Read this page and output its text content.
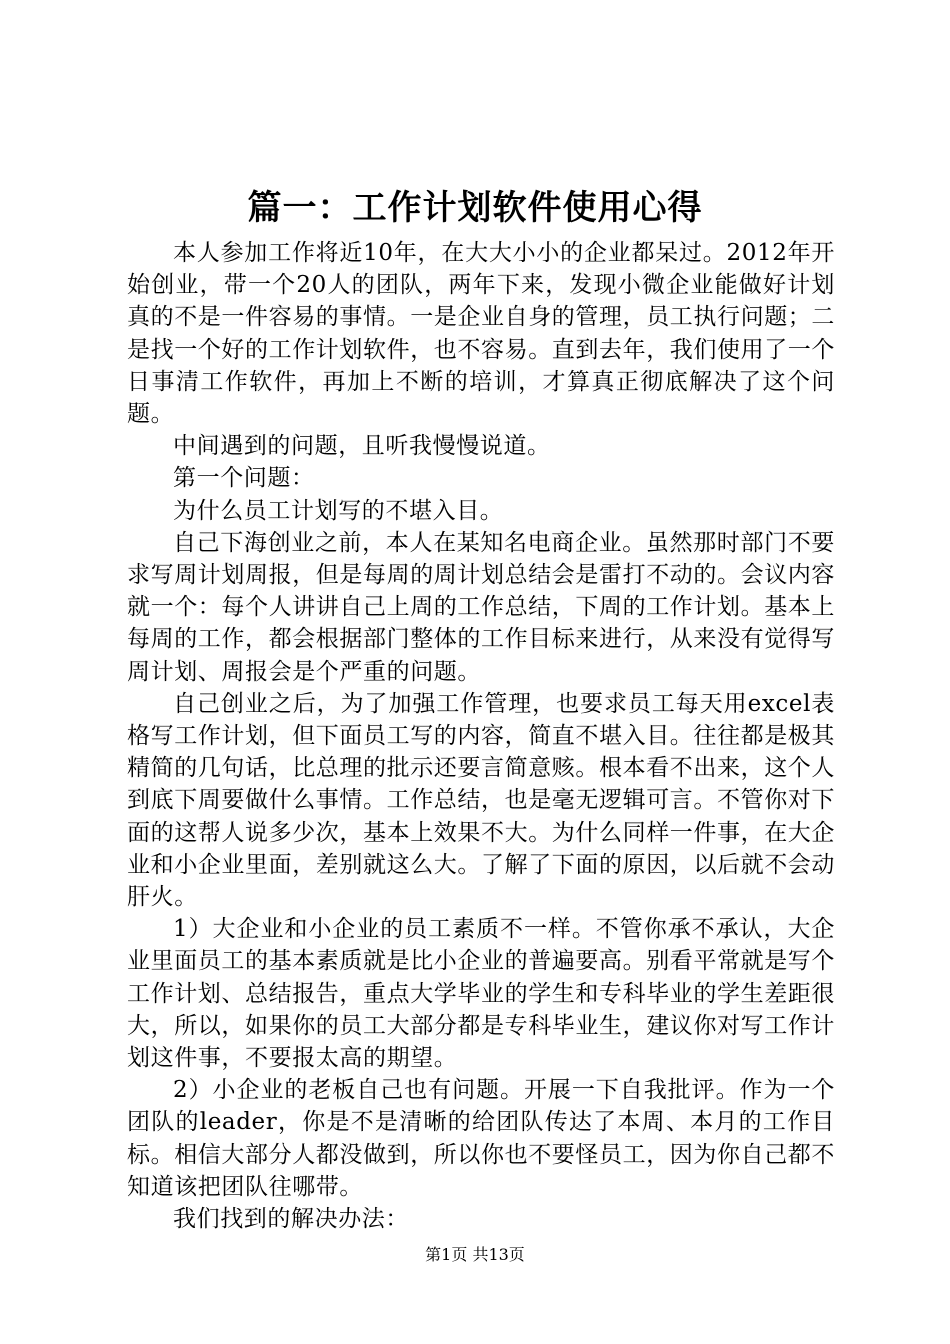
篇一：工作计划软件使用心得

本人参加工作将近10年，在大大小小的企业都呆过。2012年开始创业，带一个20人的团队，两年下来，发现小微企业能做好计划真的不是一件容易的事情。一是企业自身的管理，员工执行问题；二是找一个好的工作计划软件，也不容易。直到去年，我们使用了一个日事清工作软件，再加上不断的培训，才算真正彻底解决了这个问题。

中间遇到的问题，且听我慢慢说道。

第一个问题：

为什么员工计划写的不堪入目。

自己下海创业之前，本人在某知名电商企业。虽然那时部门不要求写周计划周报，但是每周的周计划总结会是雷打不动的。会议内容就一个：每个人讲讲自己上周的工作总结，下周的工作计划。基本上每周的工作，都会根据部门整体的工作目标来进行，从来没有觉得写周计划、周报会是个严重的问题。

自己创业之后，为了加强工作管理，也要求员工每天用excel表格写工作计划，但下面员工写的内容，简直不堪入目。往往都是极其精简的几句话，比总理的批示还要言简意赅。根本看不出来，这个人到底下周要做什么事情。工作总结，也是毫无逻辑可言。不管你对下面的这帮人说多少次，基本上效果不大。为什么同样一件事，在大企业和小企业里面，差别就这么大。了解了下面的原因，以后就不会动肝火。

1）大企业和小企业的员工素质不一样。不管你承不承认，大企业里面员工的基本素质就是比小企业的普遍要高。别看平常就是写个工作计划、总结报告，重点大学毕业的学生和专科毕业的学生差距很大，所以，如果你的员工大部分都是专科毕业生，建议你对写工作计划这件事，不要报太高的期望。

2）小企业的老板自己也有问题。开展一下自我批评。作为一个团队的leader，你是不是清晰的给团队传达了本周、本月的工作目标。相信大部分人都没做到，所以你也不要怪员工，因为你自己都不知道该把团队往哪带。

我们找到的解决办法：

第1页 共13页
